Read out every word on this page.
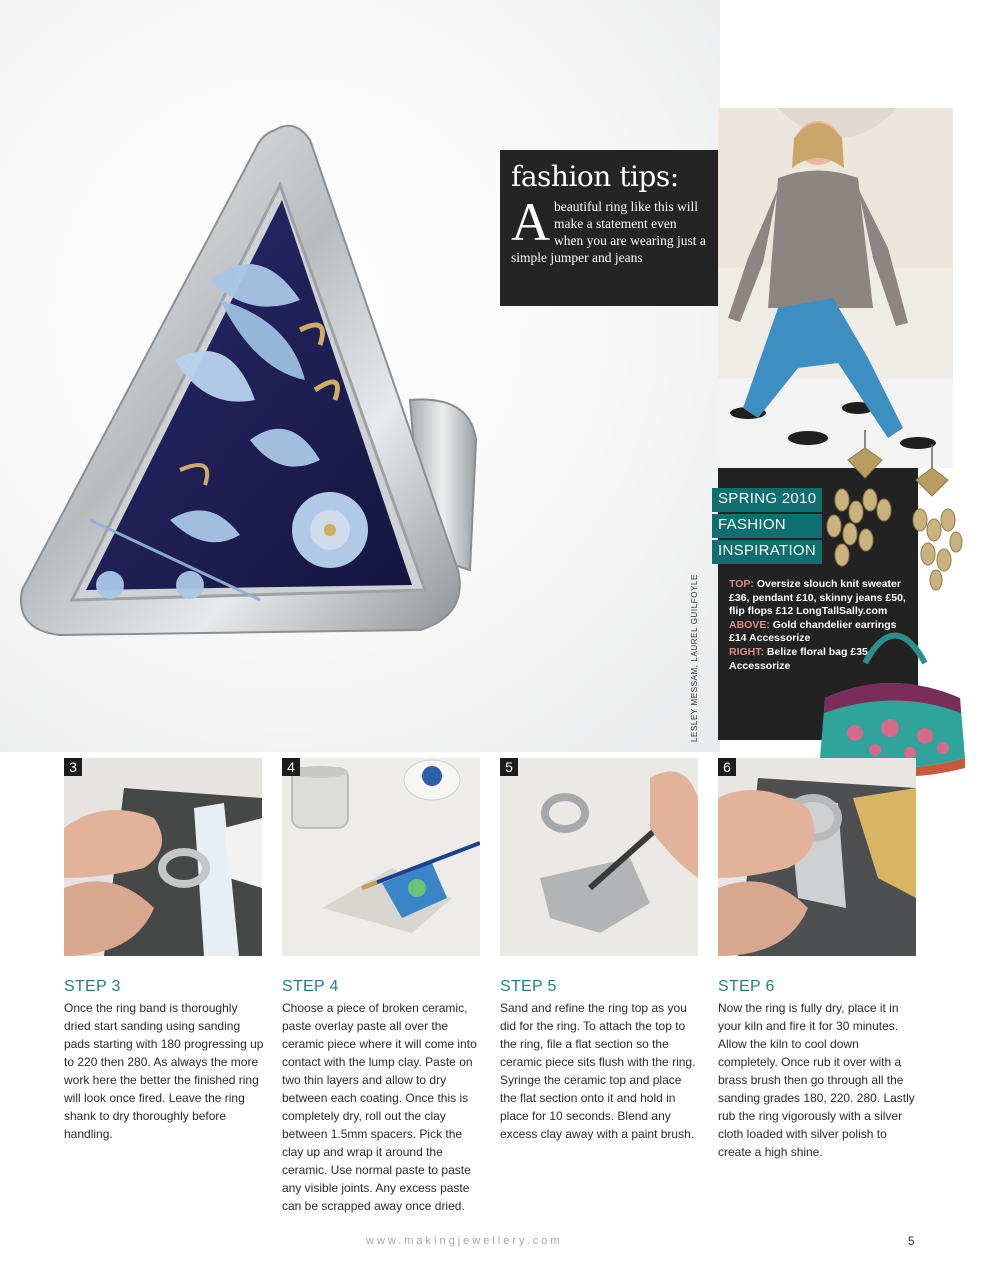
fashion tips:
Abeautiful ring like this will make a statement even when you are wearing just a simple jumper and jeans
SPRING 2010
FASHION
INSPIRATION
TOP: Oversize slouch knit sweater £36, pendant £10, skinny jeans £50, flip flops £12 LongTallSally.com
ABOVE: Gold chandelier earrings £14 Accessorize
RIGHT: Belize floral bag £35 Accessorize
LESLEY MESSAM, LAUREL GUILFOYLE
3	4	5	6
STEP 3
Once the ring band is thoroughly dried start sanding using sanding pads starting with 180 progressing up to 220 then 280. As always the more work here the better the finished ring will look once fired. Leave the ring shank to dry thoroughly before handling.
STEP 4
Choose a piece of broken ceramic, paste overlay paste all over the ceramic piece where it will come into contact with the lump clay. Paste on two thin layers and allow to dry between each coating. Once this is completely dry, roll out the clay between 1.5mm spacers. Pick the clay up and wrap it around the ceramic. Use normal paste to paste any visible joints. Any excess paste can be scrapped away once dried.
STEP 5
Sand and refine the ring top as you did for the ring. To attach the top to the ring, file a flat section so the ceramic piece sits flush with the ring. Syringe the ceramic top and place the flat section onto it and hold in place for 10 seconds. Blend any excess clay away with a paint brush.
STEP 6
Now the ring is fully dry, place it in your kiln and fire it for 30 minutes. Allow the kiln to cool down completely. Once rub it over with a brass brush then go through all the sanding grades 180, 220. 280. Lastly rub the ring vigorously with a silver cloth loaded with silver polish to create a high shine.
www.makingjewellery.com	5
